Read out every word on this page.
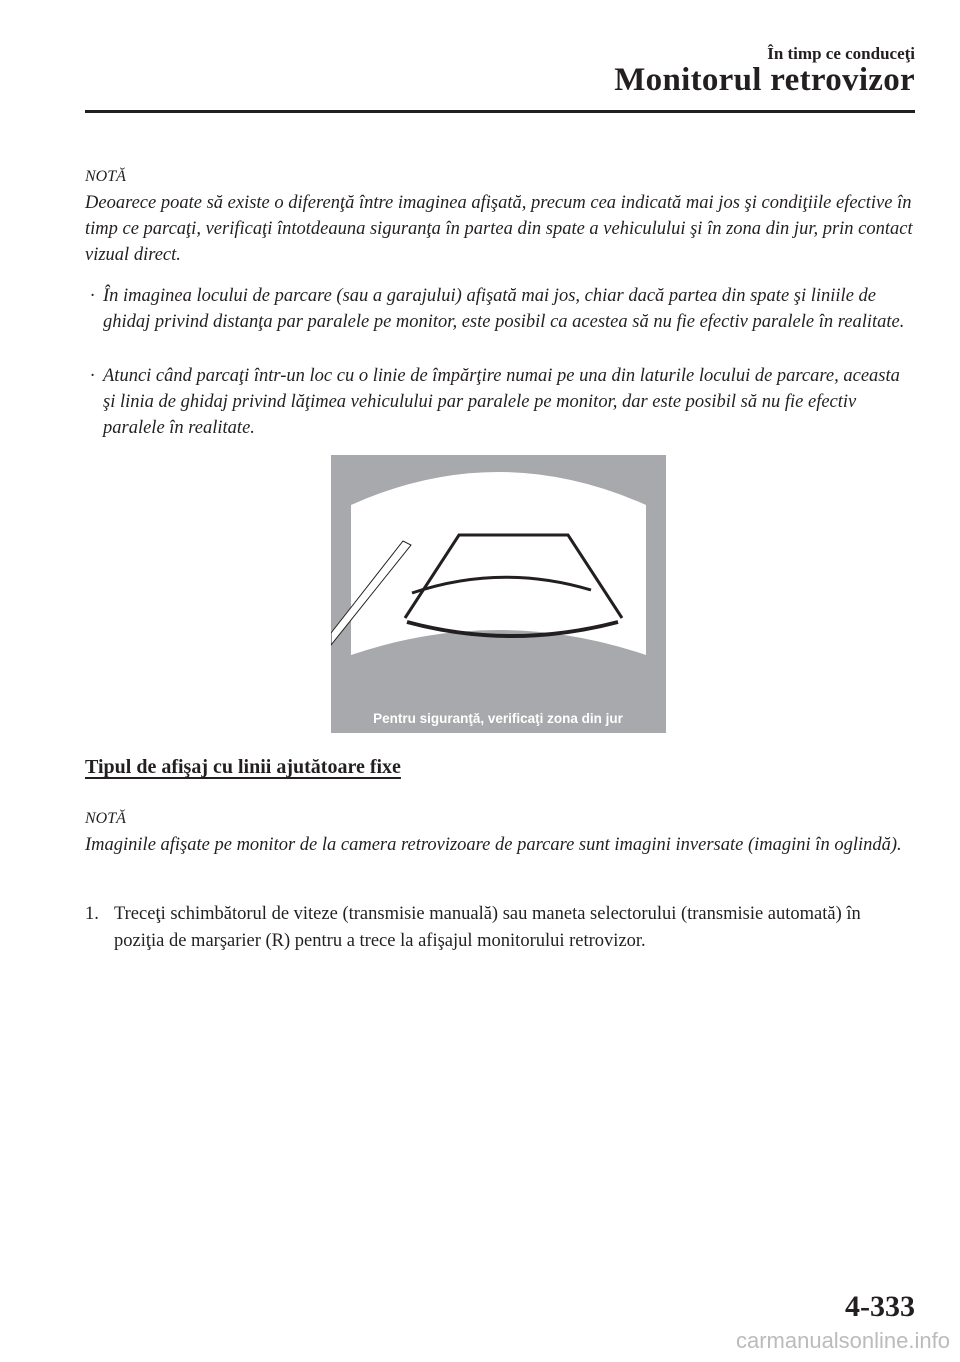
În timp ce conduceţi
Monitorul retrovizor
NOTĂ
Deoarece poate să existe o diferenţă între imaginea afişată, precum cea indicată mai jos şi condiţiile efective în timp ce parcaţi, verificaţi întotdeauna siguranţa în partea din spate a vehiculului şi în zona din jur, prin contact vizual direct.
· În imaginea locului de parcare (sau a garajului) afişată mai jos, chiar dacă partea din spate şi liniile de ghidaj privind distanţa par paralele pe monitor, este posibil ca acestea să nu fie efectiv paralele în realitate.
· Atunci când parcaţi într-un loc cu o linie de împărţire numai pe una din laturile locului de parcare, aceasta şi linia de ghidaj privind lăţimea vehiculului par paralele pe monitor, dar este posibil să nu fie efectiv paralele în realitate.
Pentru siguranţă, verificaţi zona din jur
Tipul de afişaj cu linii ajutătoare fixe
NOTĂ
Imaginile afişate pe monitor de la camera retrovizoare de parcare sunt imagini inversate (imagini în oglindă).
1. Treceţi schimbătorul de viteze (transmisie manuală) sau maneta selectorului (transmisie automată) în poziţia de marşarier (R) pentru a trece la afişajul monitorului retrovizor.
4-333
carmanualsonline.info
